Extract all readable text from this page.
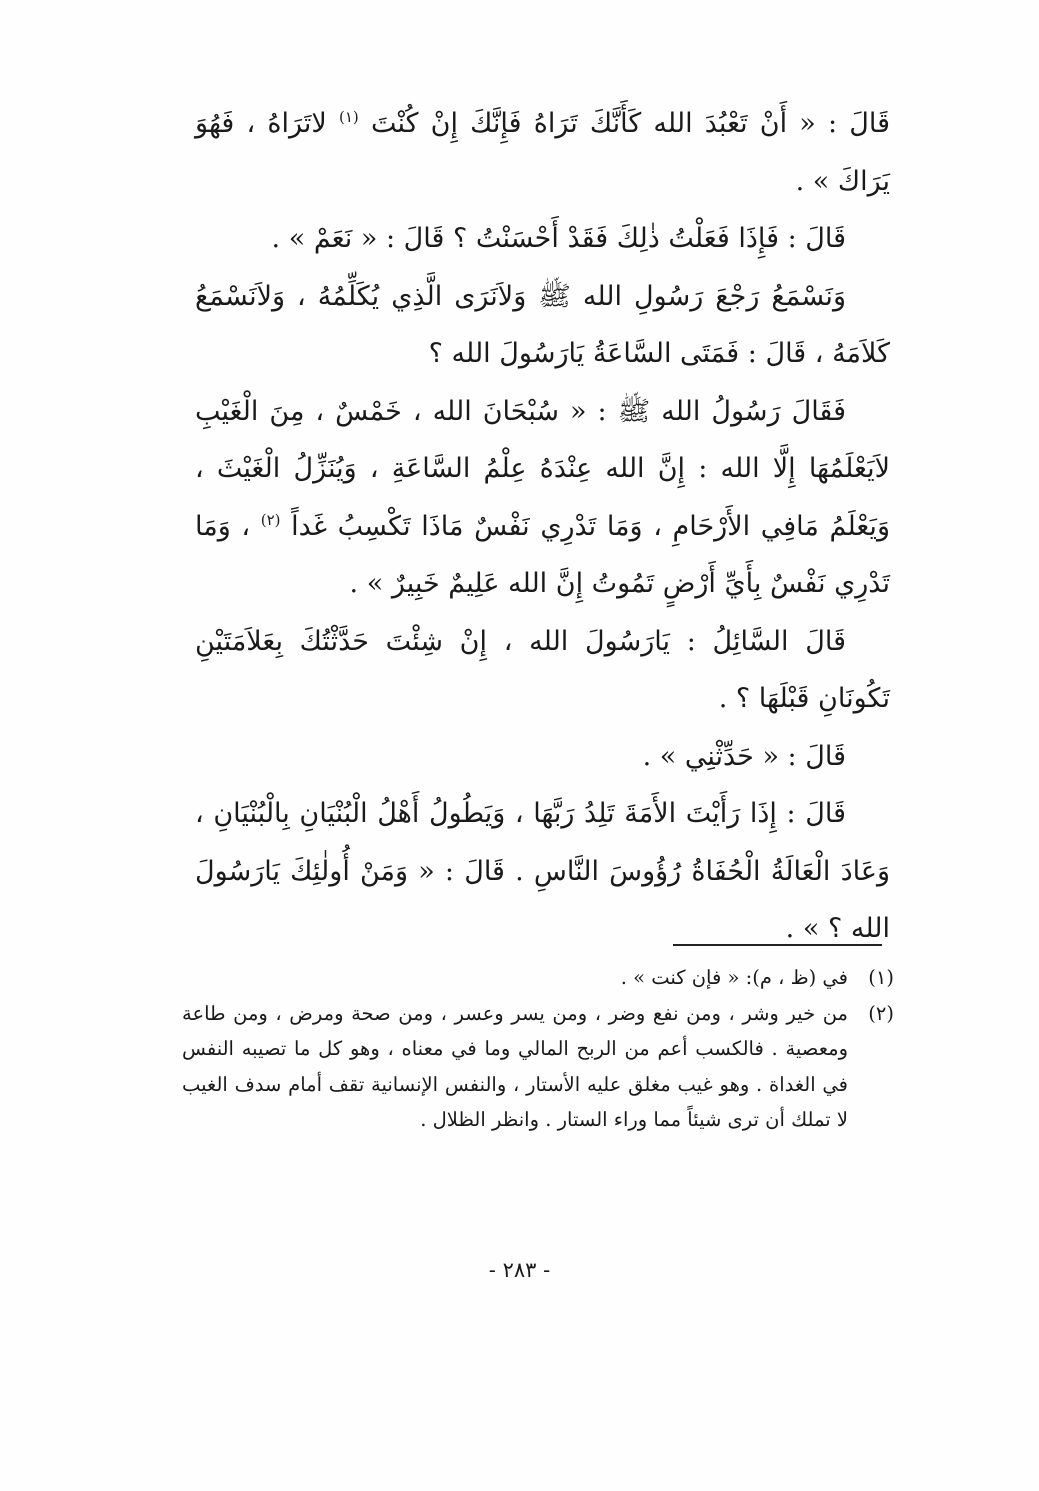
قَالَ : « أَنْ تَعْبُدَ الله كَأَنَّكَ تَرَاهُ فَإِنَّكَ إِنْ كُنْتَ $^{(١)}$ لاتَرَاهُ ، فَهُوَ يَرَاكَ » .

قَالَ : فَإِذَا فَعَلْتُ ذٰلِكَ فَقَدْ أَحْسَنْتُ ؟ قَالَ : « نَعَمْ » .

وَنَسْمَعُ رَجْعَ رَسُولِ الله ﷺ وَلاَنَرَى الَّذِي يُكَلِّمُهُ ، وَلاَنَسْمَعُ كَلاَمَهُ ، قَالَ : فَمَتَى السَّاعَةُ يَارَسُولَ الله ؟

فَقَالَ رَسُولُ الله ﷺ : « سُبْحَانَ الله ، خَمْسٌ ، مِنَ الْغَيْبِ لاَيَعْلَمُهَا إِلَّا الله : إِنَّ الله عِنْدَهُ عِلْمُ السَّاعَةِ ، وَيُنَزِّلُ الْغَيْثَ ، وَيَعْلَمُ مَافِي الأَرْحَامِ ، وَمَا تَدْرِي نَفْسٌ مَاذَا تَكْسِبُ غَداً $^{(٢)}$ ، وَمَا تَدْرِي نَفْسٌ بِأَيِّ أَرْضٍ تَمُوتُ إِنَّ الله عَلِيمٌ خَبِيرٌ » .

قَالَ السَّائِلُ : يَارَسُولَ الله ، إِنْ شِئْتَ حَدَّثْتُكَ بِعَلاَمَتَيْنِ تَكُونَانِ قَبْلَهَا ؟ .

قَالَ : « حَدِّثْنِي » .

قَالَ : إِذَا رَأَيْتَ الأَمَةَ تَلِدُ رَبَّهَا ، وَيَطُولُ أَهْلُ الْبُنْيَانِ بِالْبُنْيَانِ ، وَعَادَ الْعَالَةُ الْحُفَاةُ رُؤُوسَ النَّاسِ . قَالَ : « وَمَنْ أُولٰئِكَ يَارَسُولَ الله ؟ » .

(١)
في (ظ ، م): « فإن كنت » .
(٢)
من خير وشر ، ومن نفع وضر ، ومن يسر وعسر ، ومن صحة ومرض ، ومن طاعة ومعصية . فالكسب أعم من الربح المالي وما في معناه ، وهو كل ما تصيبه النفس في الغداة . وهو غيب مغلق عليه الأستار ، والنفس الإنسانية تقف أمام سدف الغيب لا تملك أن ترى شيئاً مما وراء الستار . وانظر الظلال .
- ٢٨٣ -
